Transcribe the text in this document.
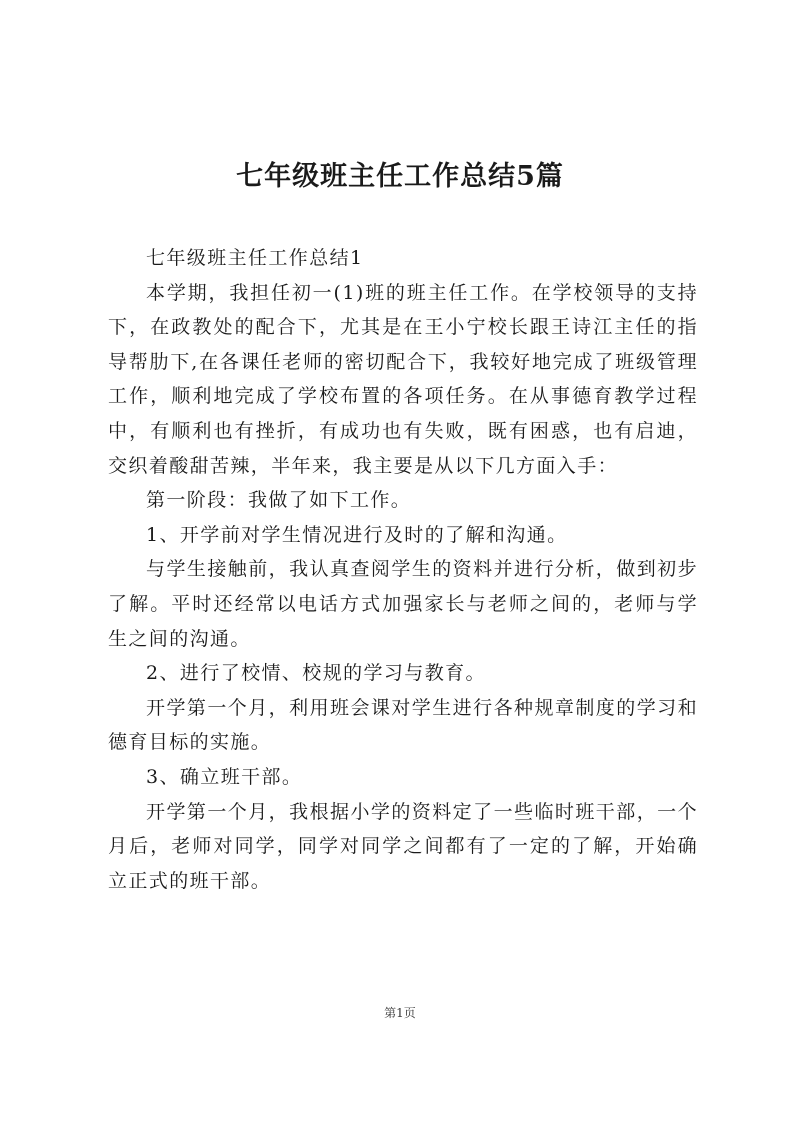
七年级班主任工作总结5篇

七年级班主任工作总结1

本学期，我担任初一(1)班的班主任工作。在学校领导的支持下，在政教处的配合下，尤其是在王小宁校长跟王诗江主任的指导帮肋下,在各课任老师的密切配合下，我较好地完成了班级管理工作，顺利地完成了学校布置的各项任务。在从事德育教学过程中，有顺利也有挫折，有成功也有失败，既有困惑，也有启迪，交织着酸甜苦辣，半年来，我主要是从以下几方面入手：

第一阶段：我做了如下工作。

1、开学前对学生情况进行及时的了解和沟通。

与学生接触前，我认真查阅学生的资料并进行分析，做到初步了解。平时还经常以电话方式加强家长与老师之间的，老师与学生之间的沟通。

2、进行了校情、校规的学习与教育。

开学第一个月，利用班会课对学生进行各种规章制度的学习和德育目标的实施。

3、确立班干部。

开学第一个月，我根据小学的资料定了一些临时班干部，一个月后，老师对同学，同学对同学之间都有了一定的了解，开始确立正式的班干部。

第1页
